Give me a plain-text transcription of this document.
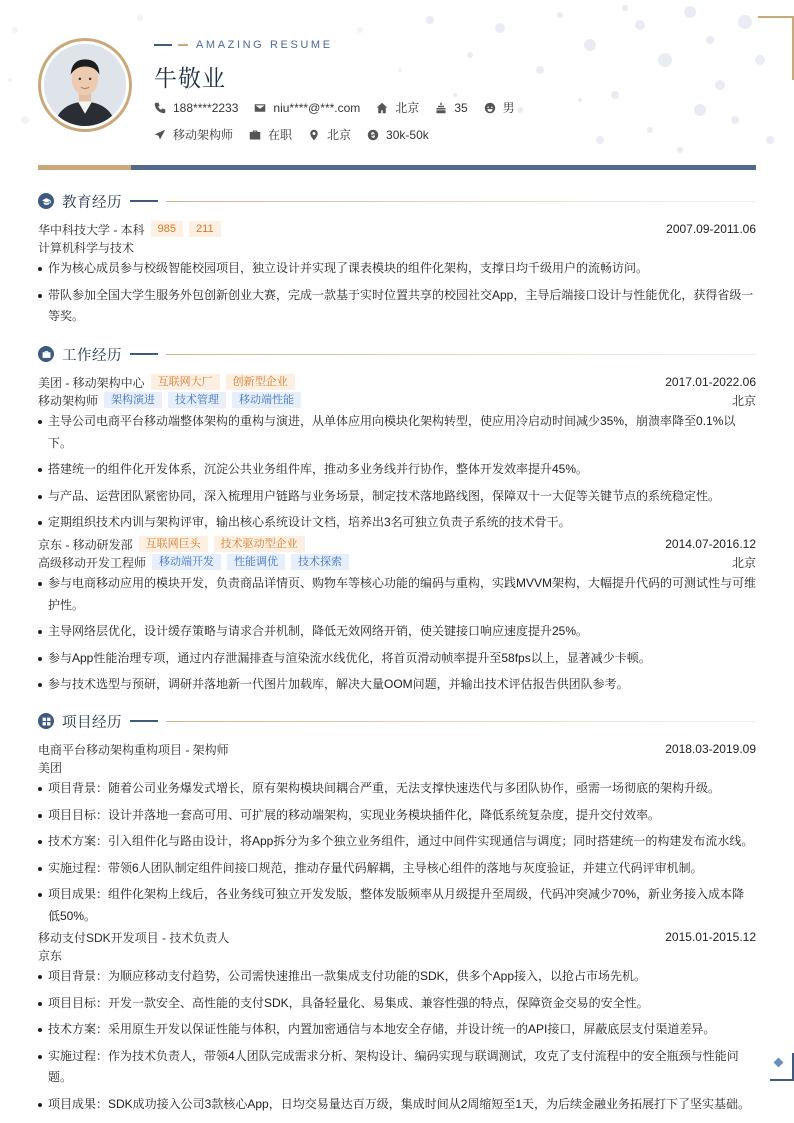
AMAZING RESUME
牛敬业
188****2233	niu****@***.com	北京	35	男
移动架构师	在职	北京	30k-50k
教育经历
华中科技大学 - 本科	985	211	2007.09-2011.06
计算机科学与技术
作为核心成员参与校级智能校园项目，独立设计并实现了课表模块的组件化架构，支撑日均千级用户的流畅访问。
带队参加全国大学生服务外包创新创业大赛，完成一款基于实时位置共享的校园社交App，主导后端接口设计与性能优化，获得省级一等奖。
工作经历
美团 - 移动架构中心	互联网大厂	创新型企业	2017.01-2022.06
移动架构师	架构演进	技术管理	移动端性能	北京
主导公司电商平台移动端整体架构的重构与演进，从单体应用向模块化架构转型，使应用冷启动时间减少35%，崩溃率降至0.1%以下。
搭建统一的组件化开发体系，沉淀公共业务组件库，推动多业务线并行协作，整体开发效率提升45%。
与产品、运营团队紧密协同，深入梳理用户链路与业务场景，制定技术落地路线图，保障双十一大促等关键节点的系统稳定性。
定期组织技术内训与架构评审，输出核心系统设计文档，培养出3名可独立负责子系统的技术骨干。
京东 - 移动研发部	互联网巨头	技术驱动型企业	2014.07-2016.12
高级移动开发工程师	移动端开发	性能调优	技术探索	北京
参与电商移动应用的模块开发，负责商品详情页、购物车等核心功能的编码与重构，实践MVVM架构，大幅提升代码的可测试性与可维护性。
主导网络层优化，设计缓存策略与请求合并机制，降低无效网络开销，使关键接口响应速度提升25%。
参与App性能治理专项，通过内存泄漏排查与渲染流水线优化，将首页滑动帧率提升至58fps以上，显著减少卡顿。
参与技术选型与预研，调研并落地新一代图片加载库，解决大量OOM问题，并输出技术评估报告供团队参考。
项目经历
电商平台移动架构重构项目 - 架构师	2018.03-2019.09
美团
项目背景：随着公司业务爆发式增长，原有架构模块间耦合严重，无法支撑快速迭代与多团队协作，亟需一场彻底的架构升级。
项目目标：设计并落地一套高可用、可扩展的移动端架构，实现业务模块插件化，降低系统复杂度，提升交付效率。
技术方案：引入组件化与路由设计，将App拆分为多个独立业务组件，通过中间件实现通信与调度；同时搭建统一的构建发布流水线。
实施过程：带领6人团队制定组件间接口规范，推动存量代码解耦，主导核心组件的落地与灰度验证，并建立代码评审机制。
项目成果：组件化架构上线后，各业务线可独立开发发版，整体发版频率从月级提升至周级，代码冲突减少70%，新业务接入成本降低50%。
移动支付SDK开发项目 - 技术负责人	2015.01-2015.12
京东
项目背景：为顺应移动支付趋势，公司需快速推出一款集成支付功能的SDK，供多个App接入，以抢占市场先机。
项目目标：开发一款安全、高性能的支付SDK，具备轻量化、易集成、兼容性强的特点，保障资金交易的安全性。
技术方案：采用原生开发以保证性能与体积，内置加密通信与本地安全存储，并设计统一的API接口，屏蔽底层支付渠道差异。
实施过程：作为技术负责人，带领4人团队完成需求分析、架构设计、编码实现与联调测试，攻克了支付流程中的安全瓶颈与性能问题。
项目成果：SDK成功接入公司3款核心App，日均交易量达百万级，集成时间从2周缩短至1天，为后续金融业务拓展打下了坚实基础。
